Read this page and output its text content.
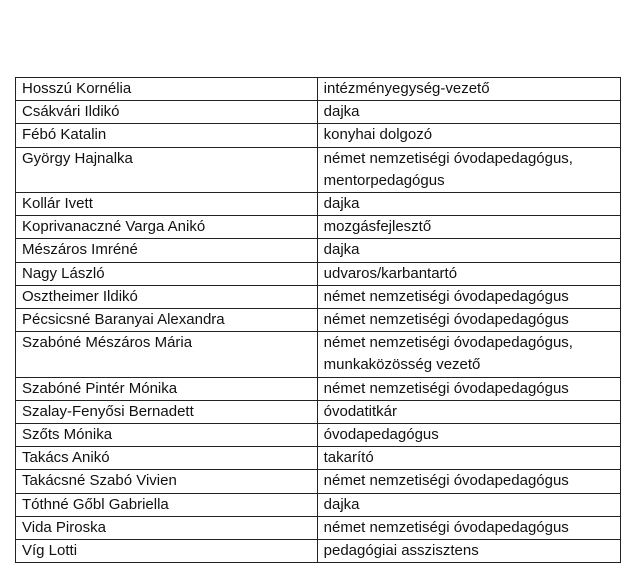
Hosszú Kornélia	intézményegység-vezető
Csákvári Ildikó	dajka
Fébó Katalin	konyhai dolgozó
György Hajnalka	német nemzetiségi óvodapedagógus,
mentorpedagógus
Kollár Ivett	dajka
Koprivanaczné Varga Anikó	mozgásfejlesztő
Mészáros Imréné	dajka
Nagy László	udvaros/karbantartó
Osztheimer Ildikó	német nemzetiségi óvodapedagógus
Pécsicsné Baranyai Alexandra	német nemzetiségi óvodapedagógus
Szabóné Mészáros Mária	német nemzetiségi óvodapedagógus,
munkaközösség vezető
Szabóné Pintér Mónika	német nemzetiségi óvodapedagógus
Szalay-Fenyősi Bernadett	óvodatitkár
Szőts Mónika	óvodapedagógus
Takács Anikó	takarító
Takácsné Szabó Vivien	német nemzetiségi óvodapedagógus
Tóthné Gőbl Gabriella	dajka
Vida Piroska	német nemzetiségi óvodapedagógus
Víg Lotti	pedagógiai asszisztens
